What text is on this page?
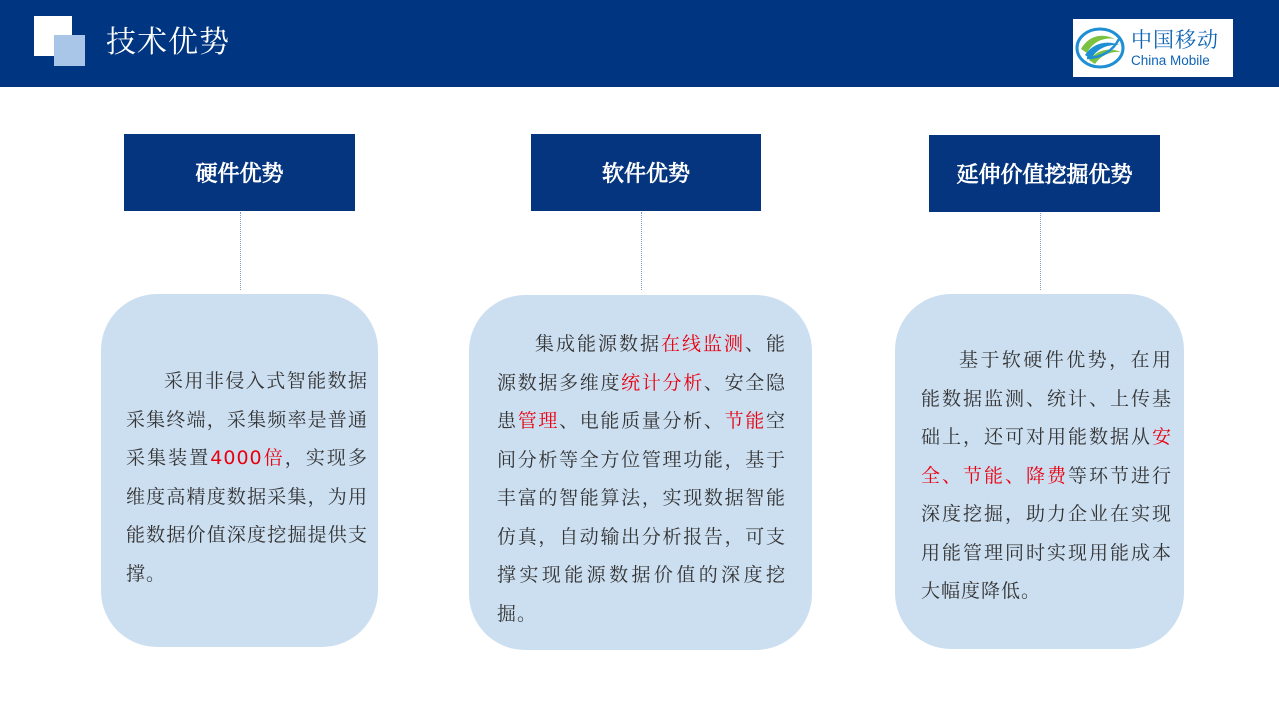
技术优势	中国移动
China Mobile
硬件优势

采用非侵入式智能数据采集终端，采集频率是普通采集装置4000倍，实现多维度高精度数据采集，为用能数据价值深度挖掘提供支撑。

软件优势

集成能源数据在线监测、能源数据多维度统计分析、安全隐患管理、电能质量分析、节能空间分析等全方位管理功能，基于丰富的智能算法，实现数据智能仿真，自动输出分析报告，可支撑实现能源数据价值的深度挖掘。

延伸价值挖掘优势

基于软硬件优势，在用能数据监测、统计、上传基础上，还可对用能数据从安全、节能、降费等环节进行深度挖掘，助力企业在实现用能管理同时实现用能成本大幅度降低。
